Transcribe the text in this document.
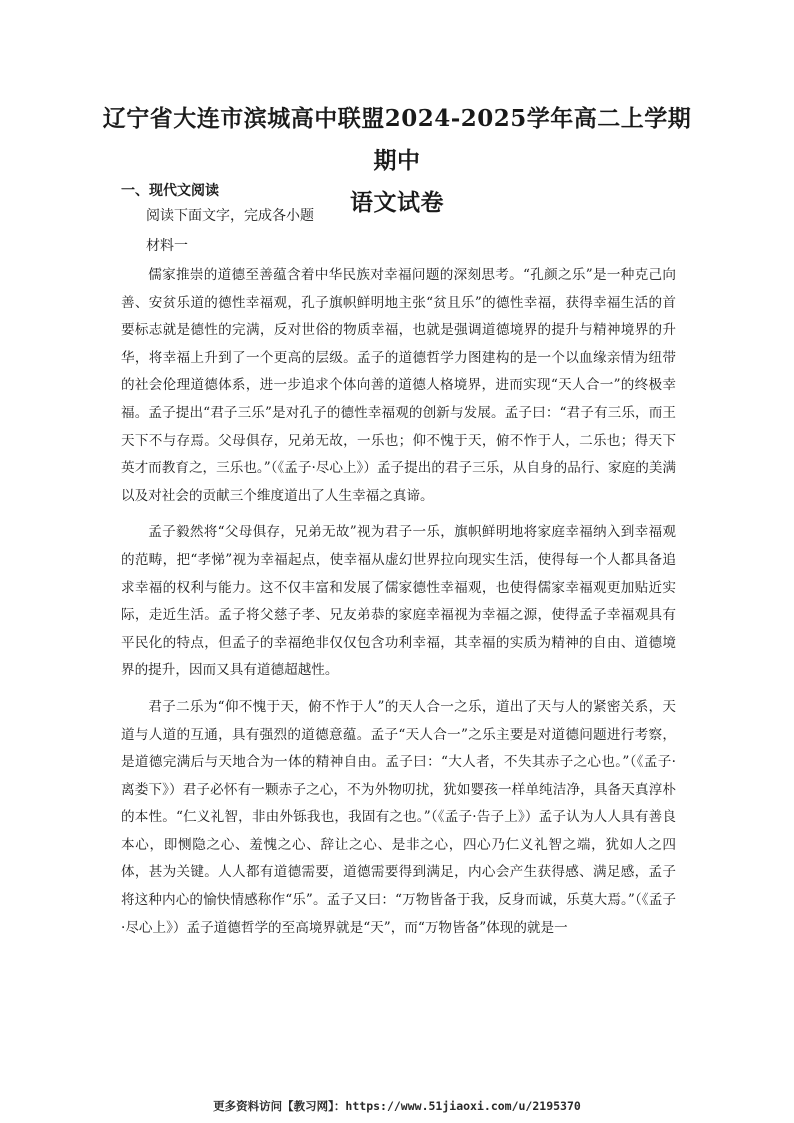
辽宁省大连市滨城高中联盟2024-2025学年高二上学期期中
语文试卷
一、现代文阅读
阅读下面文字，完成各小题
材料一

儒家推崇的道德至善蕴含着中华民族对幸福问题的深刻思考。“孔颜之乐”是一种克己向善、安贫乐道的德性幸福观，孔子旗帜鲜明地主张“贫且乐”的德性幸福，获得幸福生活的首要标志就是德性的完满，反对世俗的物质幸福，也就是强调道德境界的提升与精神境界的升华，将幸福上升到了一个更高的层级。孟子的道德哲学力图建构的是一个以血缘亲情为纽带的社会伦理道德体系，进一步追求个体向善的道德人格境界，进而实现“天人合一”的终极幸福。孟子提出“君子三乐”是对孔子的德性幸福观的创新与发展。孟子曰：“君子有三乐，而王天下不与存焉。父母俱存，兄弟无故，一乐也；仰不愧于天，俯不怍于人，二乐也；得天下英才而教育之，三乐也。”（《孟子·尽心上》）孟子提出的君子三乐，从自身的品行、家庭的美满以及对社会的贡献三个维度道出了人生幸福之真谛。

孟子毅然将“父母俱存，兄弟无故”视为君子一乐，旗帜鲜明地将家庭幸福纳入到幸福观的范畴，把“孝悌”视为幸福起点，使幸福从虚幻世界拉向现实生活，使得每一个人都具备追求幸福的权利与能力。这不仅丰富和发展了儒家德性幸福观，也使得儒家幸福观更加贴近实际，走近生活。孟子将父慈子孝、兄友弟恭的家庭幸福视为幸福之源，使得孟子幸福观具有平民化的特点，但孟子的幸福绝非仅仅包含功利幸福，其幸福的实质为精神的自由、道德境界的提升，因而又具有道德超越性。

君子二乐为“仰不愧于天，俯不怍于人”的天人合一之乐，道出了天与人的紧密关系，天道与人道的互通，具有强烈的道德意蕴。孟子“天人合一”之乐主要是对道德问题进行考察，是道德完满后与天地合为一体的精神自由。孟子曰：“大人者，不失其赤子之心也。”（《孟子·离娄下》）君子必怀有一颗赤子之心，不为外物叨扰，犹如婴孩一样单纯洁净，具备天真淳朴的本性。“仁义礼智，非由外铄我也，我固有之也。”（《孟子·告子上》）孟子认为人人具有善良本心，即恻隐之心、羞愧之心、辞让之心、是非之心，四心乃仁义礼智之端，犹如人之四体，甚为关键。人人都有道德需要，道德需要得到满足，内心会产生获得感、满足感，孟子将这种内心的愉快情感称作“乐”。孟子又曰：“万物皆备于我，反身而诚，乐莫大焉。”（《孟子·尽心上》）孟子道德哲学的至高境界就是“天”，而“万物皆备”体现的就是一

更多资料访问【教习网】：https://www.51jiaoxi.com/u/2195370
